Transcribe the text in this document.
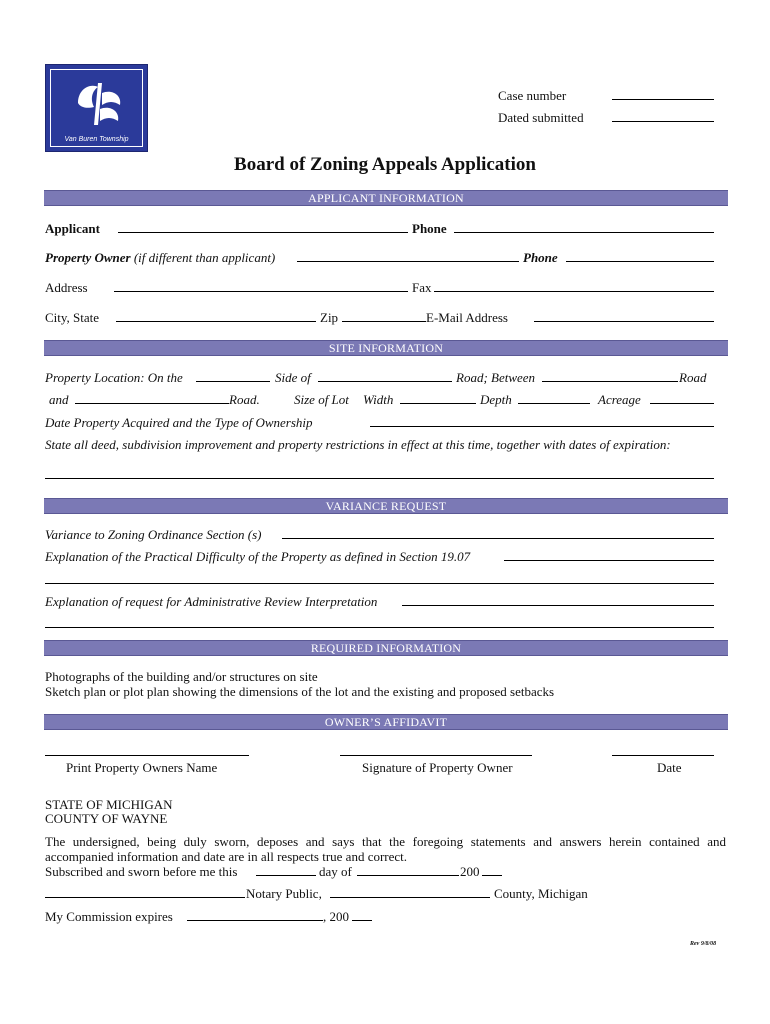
Van Buren Township
Case number
Dated submitted
Board of Zoning Appeals Application
APPLICANT INFORMATION
Applicant	Phone
Property Owner (if different than applicant)	Phone
Address	Fax
City, State	Zip	E-Mail Address
SITE INFORMATION
Property Location: On the	Side of	Road; Between	Road
and	Road.	Size of Lot Width	Depth	Acreage
Date Property Acquired and the Type of Ownership
State all deed, subdivision improvement and property restrictions in effect at this time, together with dates of expiration:
VARIANCE REQUEST
Variance to Zoning Ordinance Section (s)
Explanation of the Practical Difficulty of the Property as defined in Section 19.07
Explanation of request for Administrative Review Interpretation
REQUIRED INFORMATION
Photographs of the building and/or structures on site
Sketch plan or plot plan showing the dimensions of the lot and the existing and proposed setbacks
OWNER’S AFFIDAVIT
Print Property Owners Name	Signature of Property Owner	Date
STATE OF MICHIGAN
COUNTY OF WAYNE
The undersigned, being duly sworn, deposes and says that the foregoing statements and answers herein contained and accompanied information and date are in all respects true and correct.
Subscribed and sworn before me this	day of	200
Notary Public,	County, Michigan
My Commission expires	, 200
Rev 9/8/08
